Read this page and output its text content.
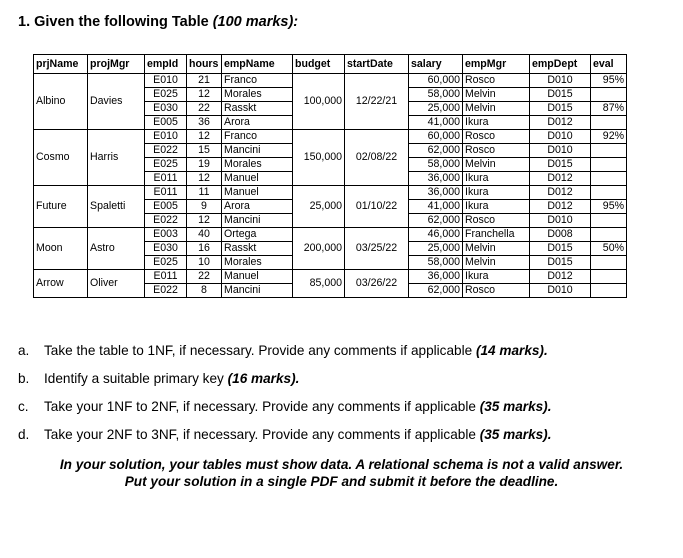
1. Given the following Table (100 marks):
prjName	projMgr	empId	hours	empName	budget	startDate	salary	empMgr	empDept	eval
Albino	Davies	E010	21	Franco	100,000	12/22/21	60,000	Rosco	D010	95%
		E025	12	Morales			58,000	Melvin	D015	
		E030	22	Rasskt			25,000	Melvin	D015	87%
		E005	36	Arora			41,000	Ikura	D012	
Cosmo	Harris	E010	12	Franco	150,000	02/08/22	60,000	Rosco	D010	92%
		E022	15	Mancini			62,000	Rosco	D010	
		E025	19	Morales			58,000	Melvin	D015	
		E011	12	Manuel			36,000	Ikura	D012	
Future	Spaletti	E011	11	Manuel	25,000	01/10/22	36,000	Ikura	D012	
		E005	9	Arora			41,000	Ikura	D012	95%
		E022	12	Mancini			62,000	Rosco	D010	
Moon	Astro	E003	40	Ortega	200,000	03/25/22	46,000	Franchella	D008	
		E030	16	Rasskt			25,000	Melvin	D015	50%
		E025	10	Morales			58,000	Melvin	D015	
Arrow	Oliver	E011	22	Manuel	85,000	03/26/22	36,000	Ikura	D012	
		E022	8	Mancini			62,000	Rosco	D010	
a. Take the table to 1NF, if necessary. Provide any comments if applicable (14 marks).
b. Identify a suitable primary key (16 marks).
c. Take your 1NF to 2NF, if necessary. Provide any comments if applicable (35 marks).
d. Take your 2NF to 3NF, if necessary. Provide any comments if applicable (35 marks).
In your solution, your tables must show data. A relational schema is not a valid answer.
Put your solution in a single PDF and submit it before the deadline.
